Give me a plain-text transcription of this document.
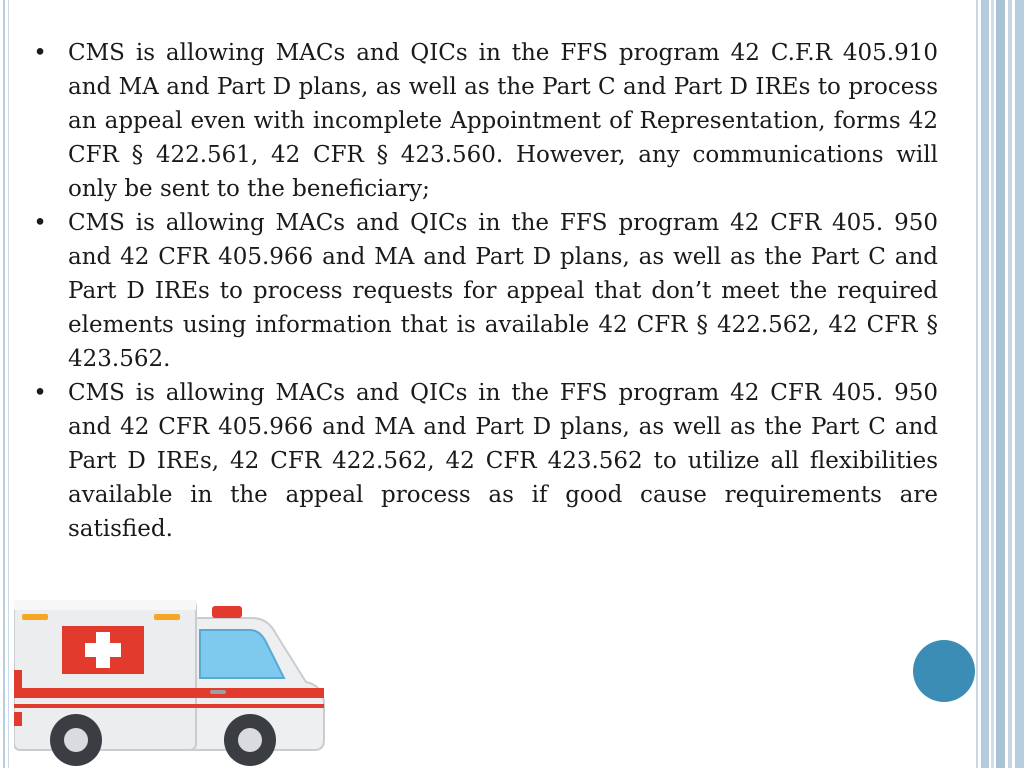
• CMS is allowing MACs and QICs in the FFS program 42 C.F.R 405.910 and MA and Part D plans, as well as the Part C and Part D IREs to process an appeal even with incomplete Appointment of Representation, forms 42 CFR § 422.561, 42 CFR § 423.560. However, any communications will only be sent to the beneficiary;
• CMS is allowing MACs and QICs in the FFS program 42 CFR 405. 950 and 42 CFR 405.966 and MA and Part D plans, as well as the Part C and Part D IREs to process requests for appeal that don’t meet the required elements using information that is available 42 CFR § 422.562, 42 CFR § 423.562.
• CMS is allowing MACs and QICs in the FFS program 42 CFR 405. 950 and 42 CFR 405.966 and MA and Part D plans, as well as the Part C and Part D IREs, 42 CFR 422.562, 42 CFR 423.562 to utilize all flexibilities available in the appeal process as if good cause requirements are satisfied.
